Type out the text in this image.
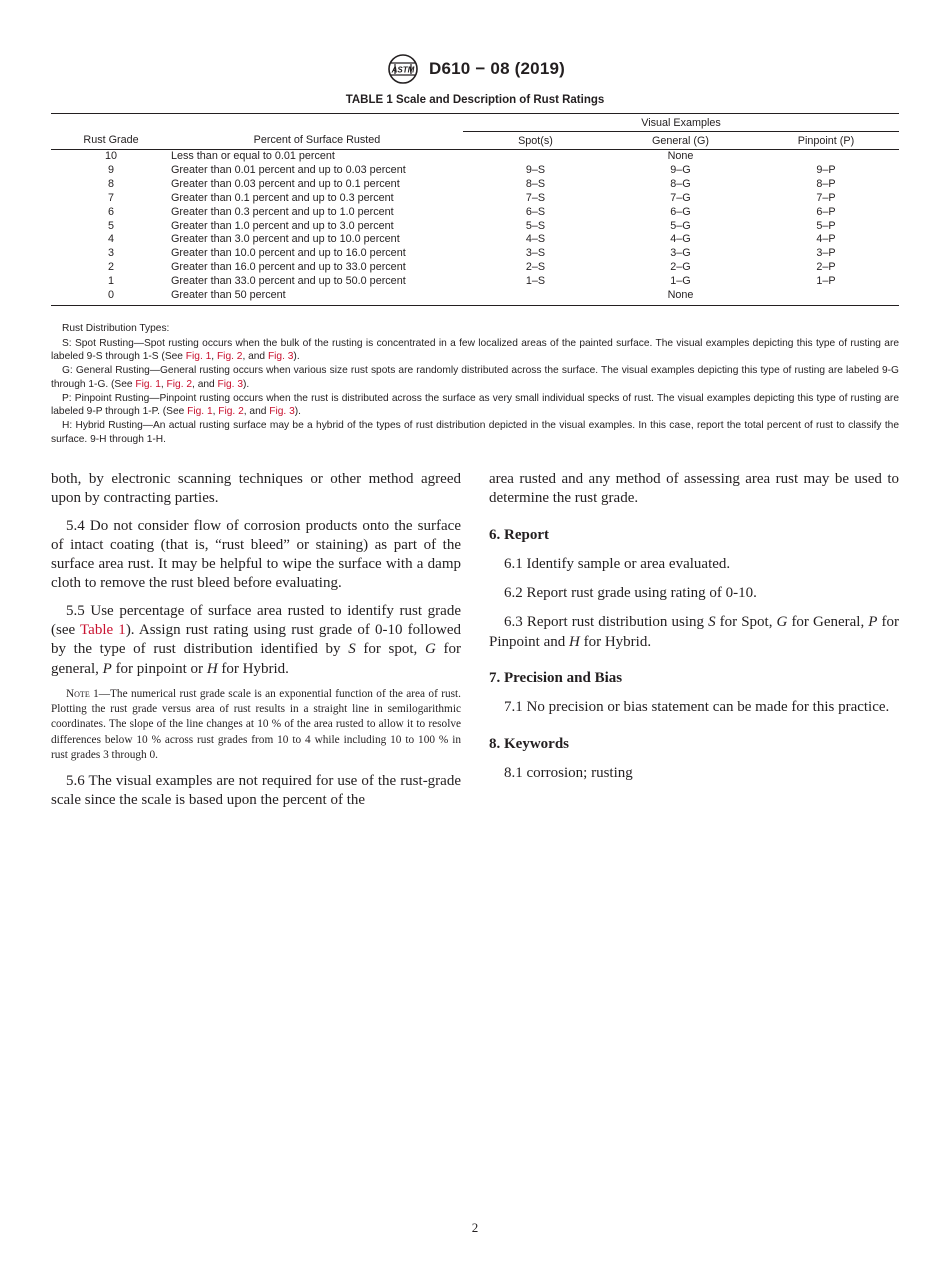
ASTM D610 − 08 (2019)
TABLE 1 Scale and Description of Rust Ratings
		Visual Examples		
Rust Grade	Percent of Surface Rusted	Spot(s)	General (G)	Pinpoint (P)
10	Less than or equal to 0.01 percent		None	
9	Greater than 0.01 percent and up to 0.03 percent	9–S	9–G	9–P
8	Greater than 0.03 percent and up to 0.1 percent	8–S	8–G	8–P
7	Greater than 0.1 percent and up to 0.3 percent	7–S	7–G	7–P
6	Greater than 0.3 percent and up to 1.0 percent	6–S	6–G	6–P
5	Greater than 1.0 percent and up to 3.0 percent	5–S	5–G	5–P
4	Greater than 3.0 percent and up to 10.0 percent	4–S	4–G	4–P
3	Greater than 10.0 percent and up to 16.0 percent	3–S	3–G	3–P
2	Greater than 16.0 percent and up to 33.0 percent	2–S	2–G	2–P
1	Greater than 33.0 percent and up to 50.0 percent	1–S	1–G	1–P
0	Greater than 50 percent		None	

Rust Distribution Types:

S: Spot Rusting—Spot rusting occurs when the bulk of the rusting is concentrated in a few localized areas of the painted surface. The visual examples depicting this type of rusting are labeled 9-S through 1-S (See Fig. 1, Fig. 2, and Fig. 3).

G: General Rusting—General rusting occurs when various size rust spots are randomly distributed across the surface. The visual examples depicting this type of rusting are labeled 9-G through 1-G. (See Fig. 1, Fig. 2, and Fig. 3).

P: Pinpoint Rusting—Pinpoint rusting occurs when the rust is distributed across the surface as very small individual specks of rust. The visual examples depicting this type of rusting are labeled 9-P through 1-P. (See Fig. 1, Fig. 2, and Fig. 3).

H: Hybrid Rusting—An actual rusting surface may be a hybrid of the types of rust distribution depicted in the visual examples. In this case, report the total percent of rust to classify the surface. 9-H through 1-H.

both, by electronic scanning techniques or other method agreed upon by contracting parties.

5.4 Do not consider flow of corrosion products onto the surface of intact coating (that is, “rust bleed” or staining) as part of the surface area rust. It may be helpful to wipe the surface with a damp cloth to remove the rust bleed before evaluating.

5.5 Use percentage of surface area rusted to identify rust grade (see Table 1). Assign rust rating using rust grade of 0-10 followed by the type of rust distribution identified by S for spot, G for general, P for pinpoint or H for Hybrid.

Note 1—The numerical rust grade scale is an exponential function of the area of rust. Plotting the rust grade versus area of rust results in a straight line in semilogarithmic coordinates. The slope of the line changes at 10 % of the area rusted to allow it to resolve differences below 10 % across rust grades from 10 to 4 while including 10 to 100 % in rust grades 3 through 0.

5.6 The visual examples are not required for use of the rust-grade scale since the scale is based upon the percent of the

area rusted and any method of assessing area rust may be used to determine the rust grade.

6. Report

6.1 Identify sample or area evaluated.

6.2 Report rust grade using rating of 0-10.

6.3 Report rust distribution using S for Spot, G for General, P for Pinpoint and H for Hybrid.

7. Precision and Bias

7.1 No precision or bias statement can be made for this practice.

8. Keywords

8.1 corrosion; rusting

2
